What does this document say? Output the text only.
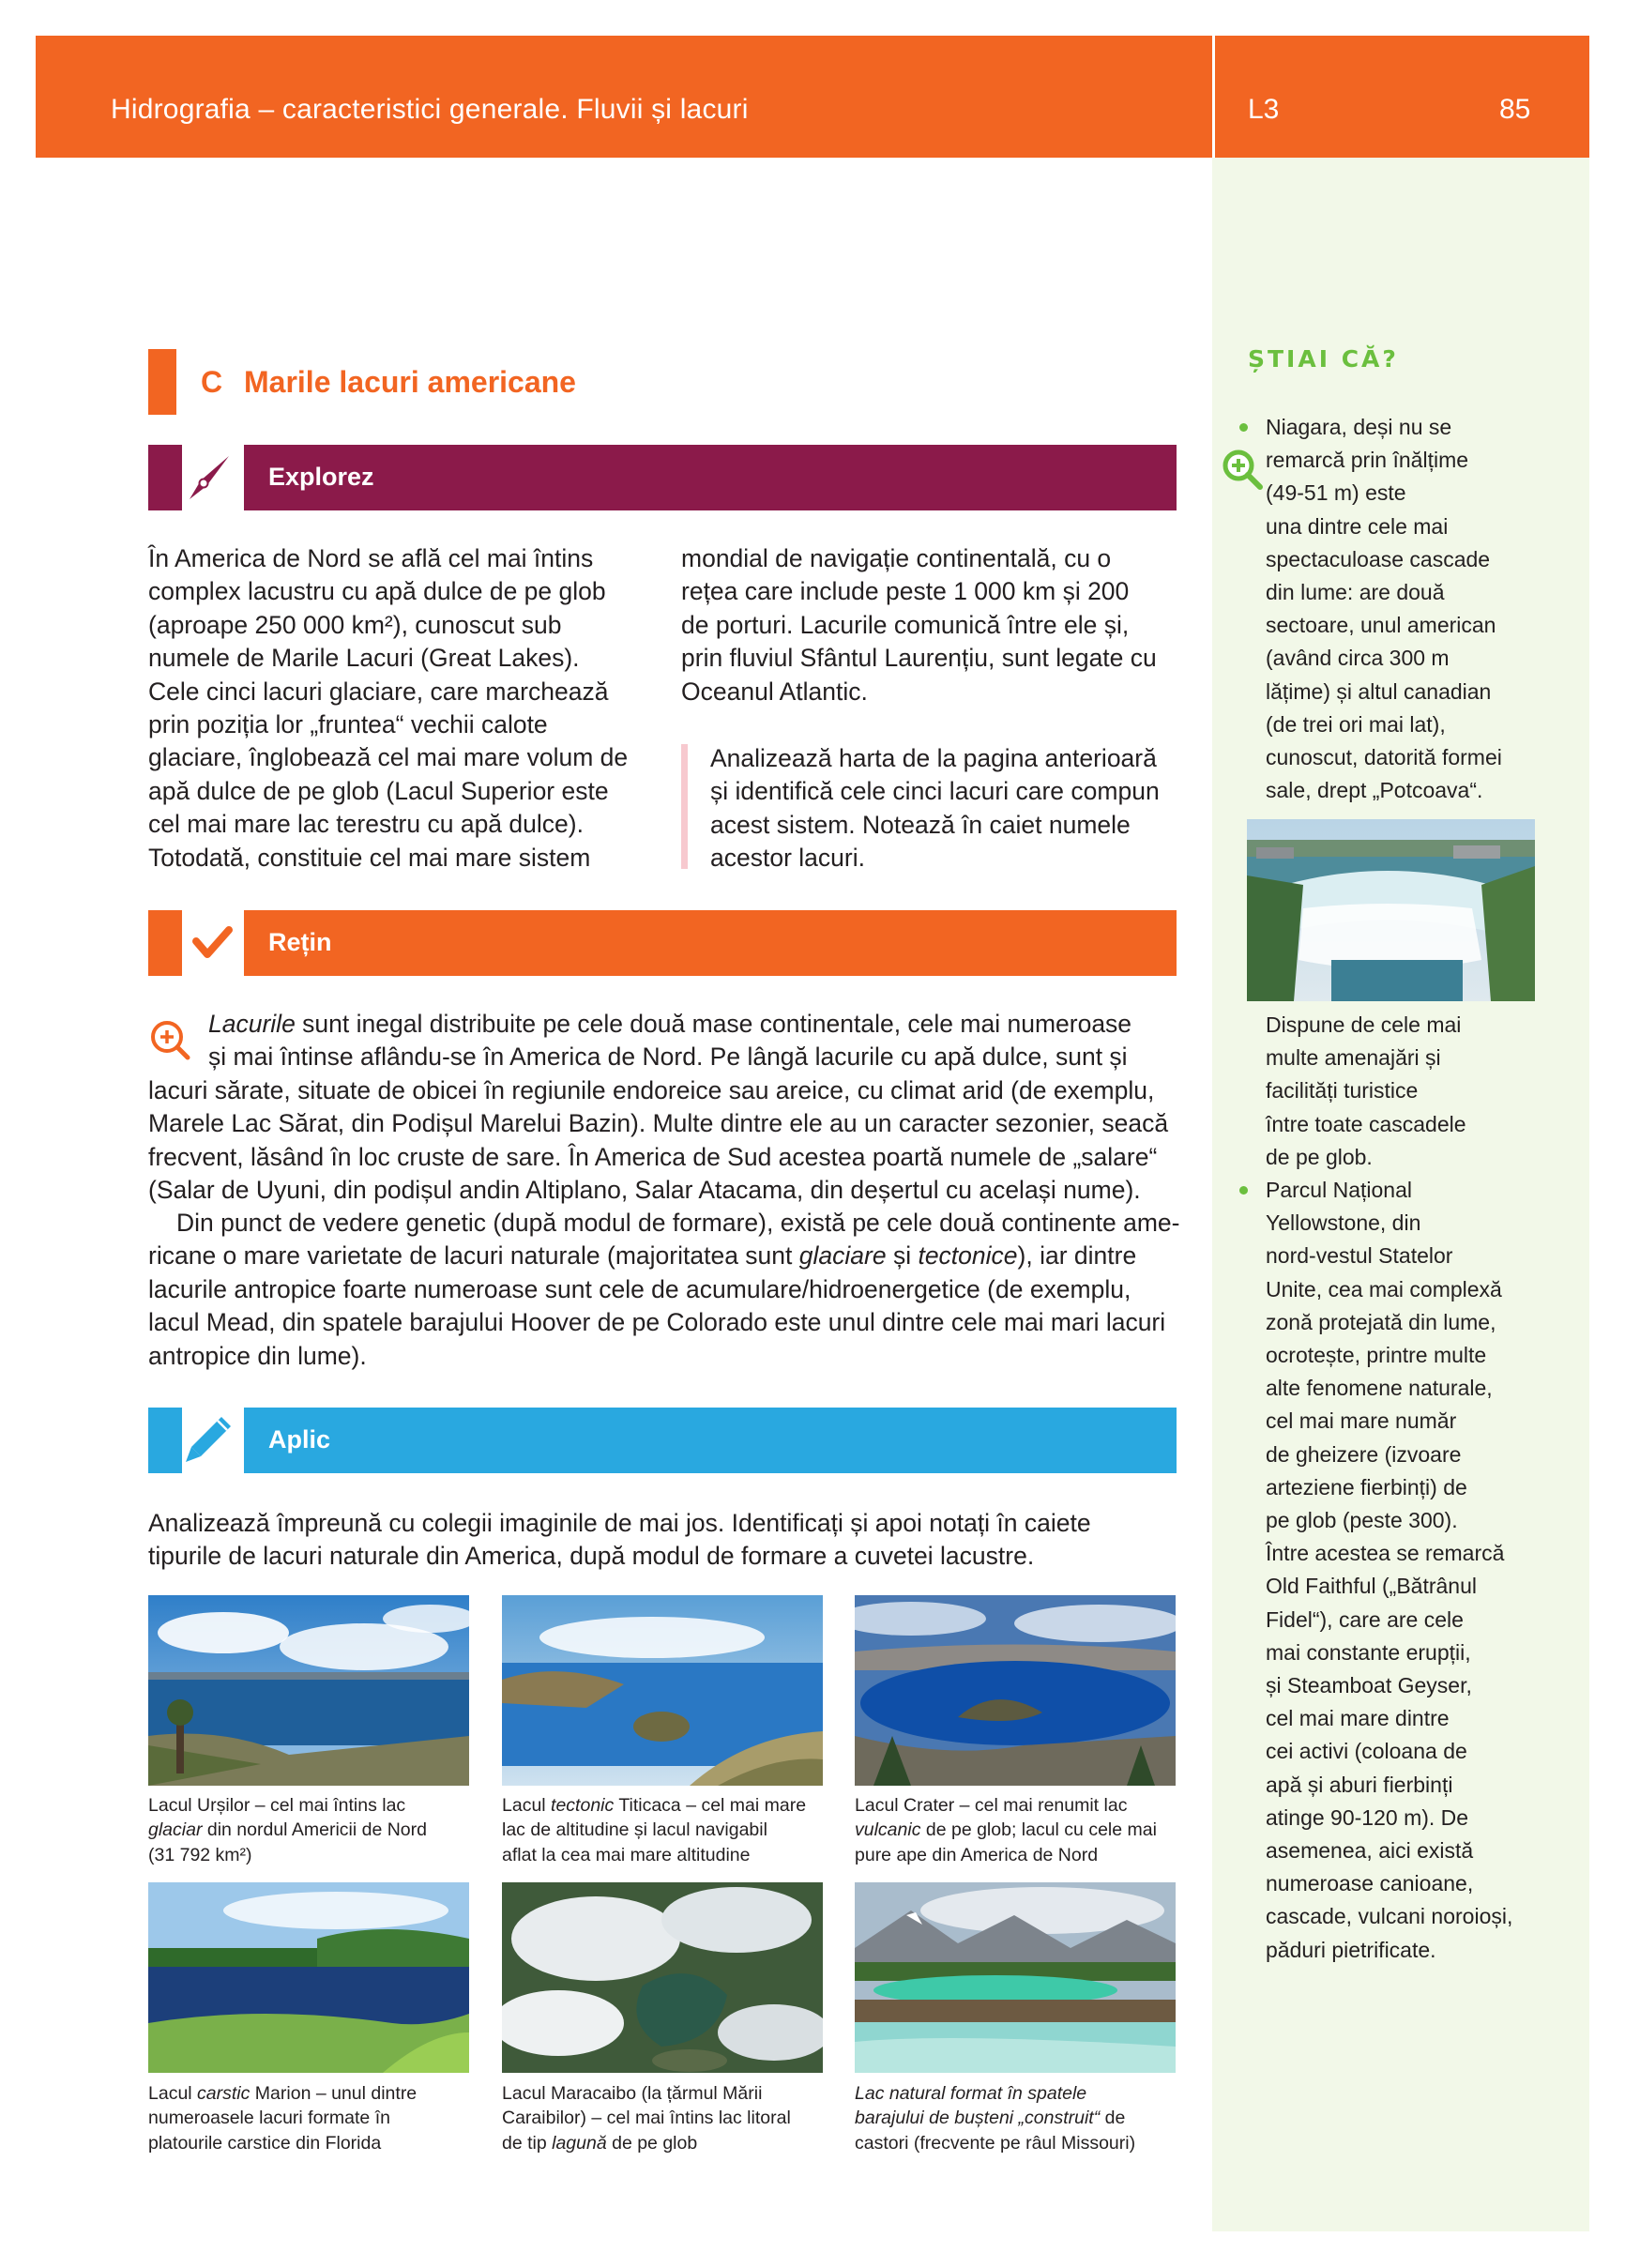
Hidrografia – caracteristici generale. Fluvii și lacuri	L3	85
ȘTIAI CĂ?
Niagara, deși nu se
remarcă prin înălțime
(49-51 m) este
una dintre cele mai
spectaculoase cascade
din lume: are două
sectoare, unul american
(având circa 300 m
lățime) și altul canadian
(de trei ori mai lat),
cunoscut, datorită formei
sale, drept „Potcoava“.
Dispune de cele mai
multe amenajări și
facilități turistice
între toate cascadele
de pe glob.
Parcul Național
Yellowstone, din
nord-vestul Statelor
Unite, cea mai complexă
zonă protejată din lume,
ocrotește, printre multe
alte fenomene naturale,
cel mai mare număr
de gheizere (izvoare
arteziene fierbinți) de
pe glob (peste 300).
Între acestea se remarcă
Old Faithful („Bătrânul
Fidel“), care are cele
mai constante erupții,
și Steamboat Geyser,
cel mai mare dintre
cei activi (coloana de
apă și aburi fierbinți
atinge 90-120 m). De
asemenea, aici există
numeroase canioane,
cascade, vulcani noroioși,
păduri pietrificate.
C Marile lacuri americane
Explorez
În America de Nord se află cel mai întins
complex lacustru cu apă dulce de pe glob
(aproape 250 000 km²), cunoscut sub
numele de Marile Lacuri (Great Lakes).
Cele cinci lacuri glaciare, care marchează
prin poziția lor „fruntea“ vechii calote
glaciare, înglobează cel mai mare volum de
apă dulce de pe glob (Lacul Superior este
cel mai mare lac terestru cu apă dulce).
Totodată, constituie cel mai mare sistem
mondial de navigație continentală, cu o
rețea care include peste 1 000 km și 200
de porturi. Lacurile comunică între ele și,
prin fluviul Sfântul Laurențiu, sunt legate cu
Oceanul Atlantic.
Analizează harta de la pagina anterioară
și identifică cele cinci lacuri care compun
acest sistem. Notează în caiet numele
acestor lacuri.
Rețin
Lacurile sunt inegal distribuite pe cele două mase continentale, cele mai numeroase
și mai întinse aflându-se în America de Nord. Pe lângă lacurile cu apă dulce, sunt și
lacuri sărate, situate de obicei în regiunile endoreice sau areice, cu climat arid (de exemplu,
Marele Lac Sărat, din Podișul Marelui Bazin). Multe dintre ele au un caracter sezonier, seacă
frecvent, lăsând în loc cruste de sare. În America de Sud acestea poartă numele de „salare“
(Salar de Uyuni, din podișul andin Altiplano, Salar Atacama, din deșertul cu același nume).
Din punct de vedere genetic (după modul de formare), există pe cele două continente ame-
ricane o mare varietate de lacuri naturale (majoritatea sunt glaciare și tectonice), iar dintre
lacurile antropice foarte numeroase sunt cele de acumulare/hidroenergetice (de exemplu,
lacul Mead, din spatele barajului Hoover de pe Colorado este unul dintre cele mai mari lacuri
antropice din lume).
Aplic
Analizează împreună cu colegii imaginile de mai jos. Identificați și apoi notați în caiete
tipurile de lacuri naturale din America, după modul de formare a cuvetei lacustre.
Lacul Urșilor – cel mai întins lac
glaciar din nordul Americii de Nord
(31 792 km²)
Lacul tectonic Titicaca – cel mai mare
lac de altitudine și lacul navigabil
aflat la cea mai mare altitudine
Lacul Crater – cel mai renumit lac
vulcanic de pe glob; lacul cu cele mai
pure ape din America de Nord
Lacul carstic Marion – unul dintre
numeroasele lacuri formate în
platourile carstice din Florida
Lacul Maracaibo (la țărmul Mării
Caraibilor) – cel mai întins lac litoral
de tip lagună de pe glob
Lac natural format în spatele
barajului de bușteni „construit“ de
castori (frecvente pe râul Missouri)
